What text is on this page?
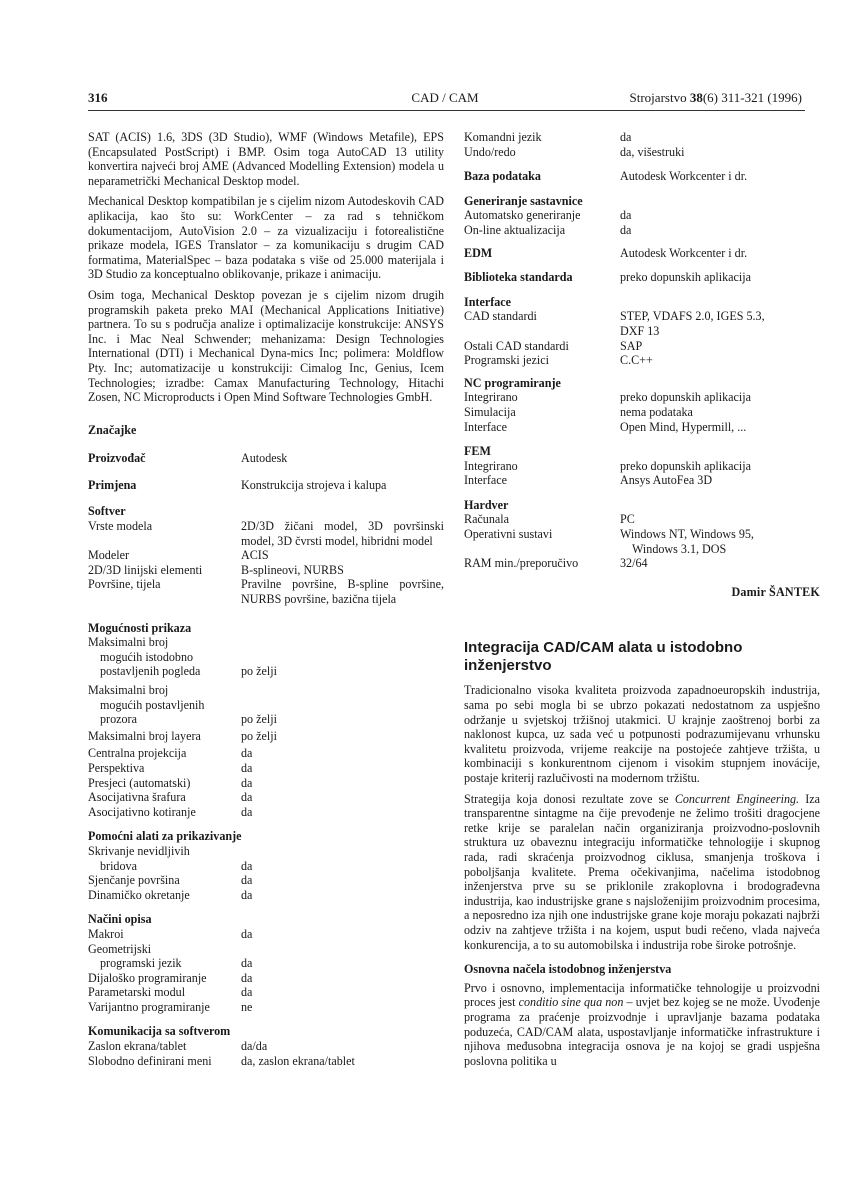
316	CAD / CAM	Strojarstvo 38(6) 311-321 (1996)

SAT (ACIS) 1.6, 3DS (3D Studio), WMF (Windows Metafile), EPS (Encapsulated PostScript) i BMP. Osim toga AutoCAD 13 utility konvertira najveći broj AME (Advanced Modelling Extension) modela u neparametrički Mechanical Desktop model.

Mechanical Desktop kompatibilan je s cijelim nizom Autodeskovih CAD aplikacija, kao što su: WorkCenter – za rad s tehničkom dokumentacijom, AutoVision 2.0 – za vizualizaciju i fotorealistične prikaze modela, IGES Translator – za komunikaciju s drugim CAD formatima, MaterialSpec – baza podataka s više od 25.000 materijala i 3D Studio za konceptualno oblikovanje, prikaze i animaciju.

Osim toga, Mechanical Desktop povezan je s cijelim nizom drugih programskih paketa preko MAI (Mechanical Applications Initiative) partnera. To su s područja analize i optimalizacije konstrukcije: ANSYS Inc. i Mac Neal Schwender; mehanizama: Design Technologies International (DTI) i Mechanical Dyna-mics Inc; polimera: Moldflow Pty. Inc; automatizacije u konstrukciji: Cimalog Inc, Genius, Icem Technologies; izradbe: Camax Manufacturing Technology, Hitachi Zosen, NC Microproducts i Open Mind Software Technologies GmbH.

Značajke
Proizvođač	Autodesk
Primjena	Konstrukcija strojeva i kalupa
Softver
Vrste modela	2D/3D žičani model, 3D površinski model, 3D čvrsti model, hibridni model
Modeler	ACIS
2D/3D linijski elementi	B-splineovi, NURBS
Površine, tijela	Pravilne površine, B-spline površine, NURBS površine, bazična tijela
Mogućnosti prikaza
Maksimalni broj
mogućih istodobno
postavljenih pogleda	po želji
Maksimalni broj
mogućih postavljenih
prozora	po želji
Maksimalni broj layera	po želji
Centralna projekcija	da
Perspektiva	da
Presjeci (automatski)	da
Asocijativna šrafura	da
Asocijativno kotiranje	da
Pomoćni alati za prikazivanje
Skrivanje nevidljivih
bridova	da
Sjenčanje površina	da
Dinamičko okretanje	da
Načini opisa
Makroi	da
Geometrijski
programski jezik	da
Dijaloško programiranje	da
Parametarski modul	da
Varijantno programiranje	ne
Komunikacija sa softverom
Zaslon ekrana/tablet	da/da
Slobodno definirani meni	da, zaslon ekrana/tablet
Komandni jezik	da
Undo/redo	da, višestruki
Baza podataka	Autodesk Workcenter i dr.
Generiranje sastavnice
Automatsko generiranje	da
On-line aktualizacija	da
EDM	Autodesk Workcenter i dr.
Biblioteka standarda	preko dopunskih aplikacija
Interface
CAD standardi	STEP, VDAFS 2.0, IGES 5.3,
DXF 13
Ostali CAD standardi	SAP
Programski jezici	C.C++
NC programiranje
Integrirano	preko dopunskih aplikacija
Simulacija	nema podataka
Interface	Open Mind, Hypermill, ...
FEM
Integrirano	preko dopunskih aplikacija
Interface	Ansys AutoFea 3D
Hardver
Računala	PC
Operativni sustavi	Windows NT, Windows 95,
Windows 3.1, DOS
RAM min./preporučivo	32/64
Damir ŠANTEK
Integracija CAD/CAM alata u istodobno inženjerstvo

Tradicionalno visoka kvaliteta proizvoda zapadnoeuropskih industrija, sama po sebi mogla bi se ubrzo pokazati nedostatnom za uspješno održanje u svjetskoj tržišnoj utakmici. U krajnje zaoštrenoj borbi za naklonost kupca, uz sada već u potpunosti podrazumijevanu vrhunsku kvalitetu proizvoda, vrijeme reakcije na postojeće zahtjeve tržišta, u kombinaciji s konkurentnom cijenom i visokim stupnjem inovácije, postaje kriterij razlučivosti na modernom tržištu.

Strategija koja donosi rezultate zove se Concurrent Engineering. Iza transparentne sintagme na čije prevođenje ne želimo trošiti dragocjene retke krije se paralelan način organiziranja proizvodno-poslovnih struktura uz obaveznu integraciju informatičke tehnologije i skupnog rada, radi skraćenja proizvodnog ciklusa, smanjenja troškova i poboljšanja kvalitete. Prema očekivanjima, načelima istodobnog inženjerstva prve su se priklonile zrakoplovna i brodograđevna industrija, kao industrijske grane s najsloženijim proizvodnim procesima, a neposredno iza njih one industrijske grane koje moraju pokazati najbrži odziv na zahtjeve tržišta i na kojem, usput budi rečeno, vlada najveća konkurencija, a to su automobilska i industrija robe široke potrošnje.

Osnovna načela istodobnog inženjerstva

Prvo i osnovno, implementacija informatičke tehnologije u proizvodni proces jest conditio sine qua non – uvjet bez kojeg se ne može. Uvođenje programa za praćenje proizvodnje i upravljanje bazama podataka poduzeća, CAD/CAM alata, uspostavljanje informatičke infrastrukture i njihova međusobna integracija osnova je na kojoj se gradi uspješna poslovna politika u
